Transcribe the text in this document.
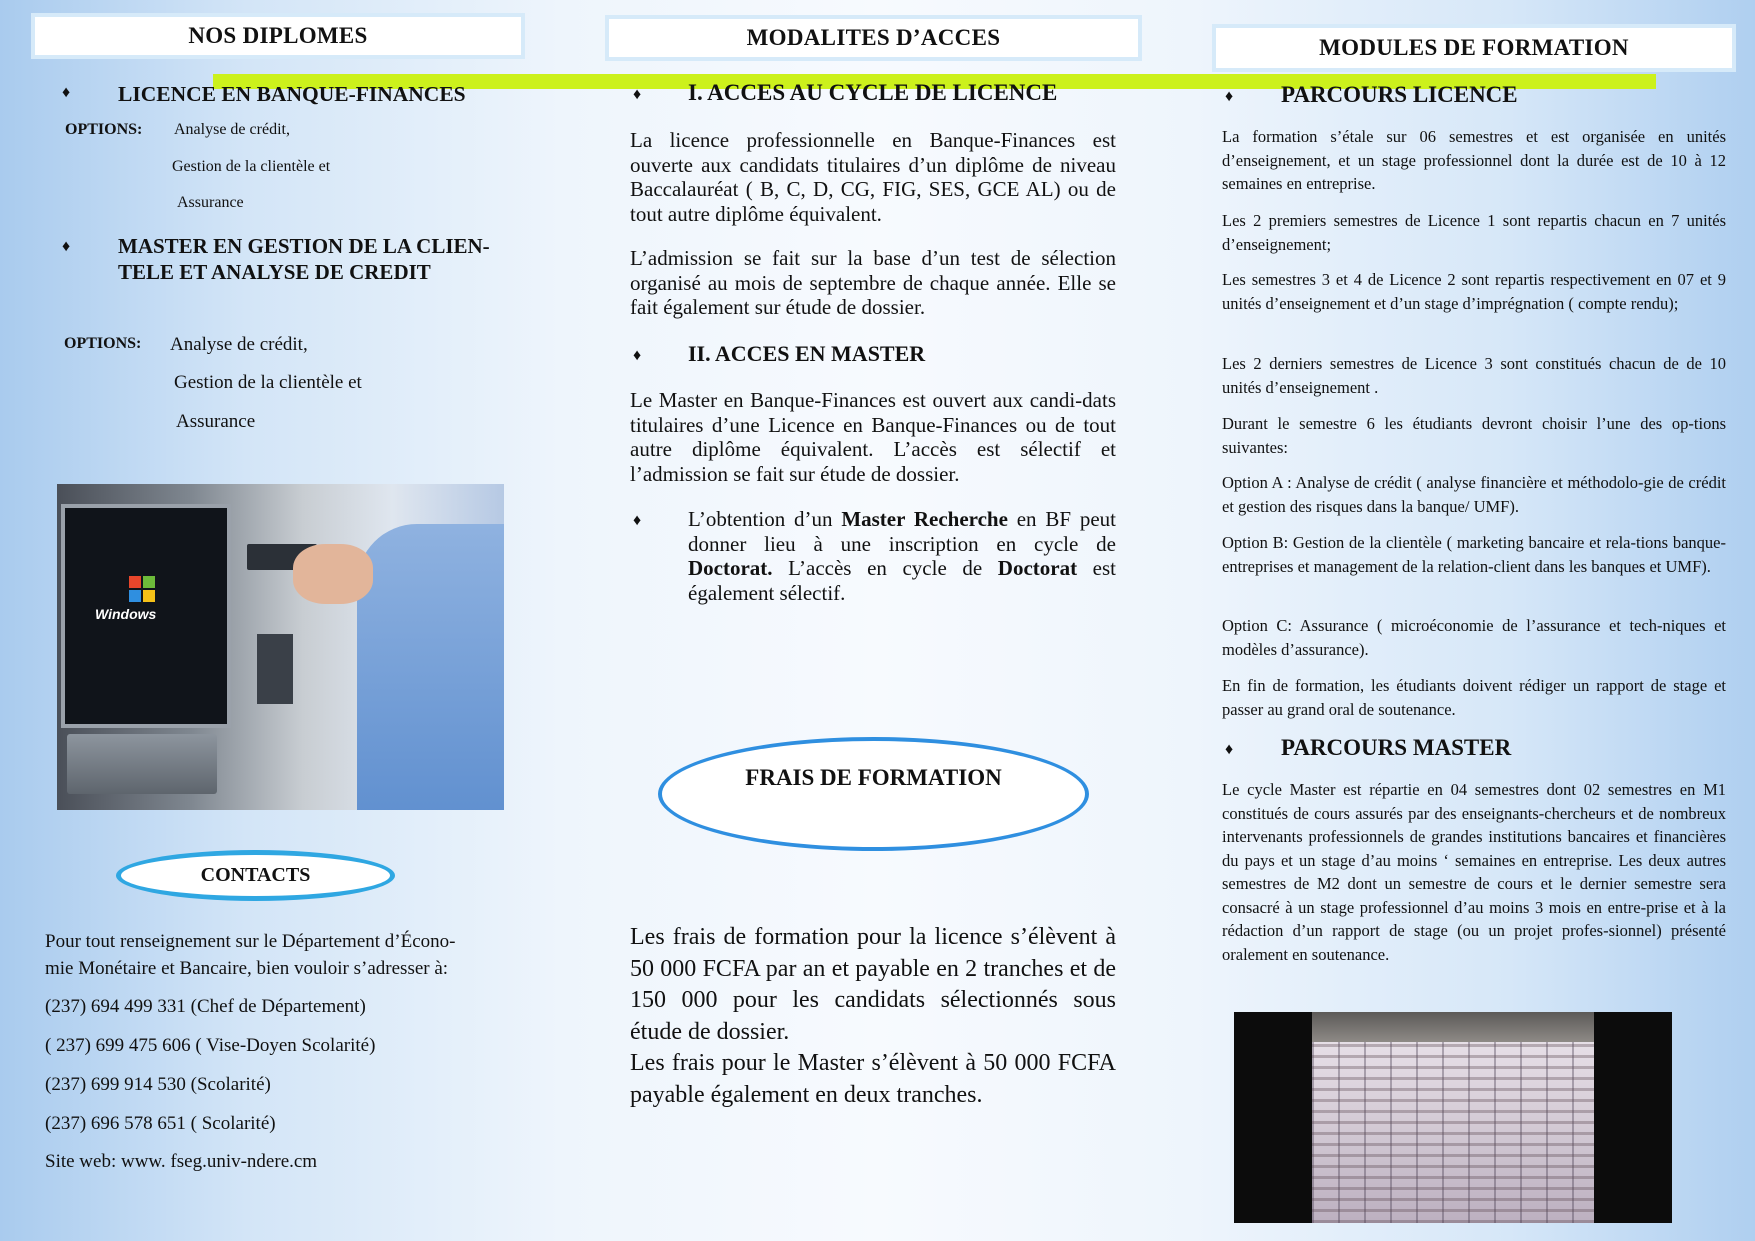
NOS DIPLOMES	MODALITES D’ACCES	MODULES DE FORMATION
♦ LICENCE EN BANQUE-FINANCES
OPTIONS: Analyse de crédit,
Gestion de la clientèle et
Assurance
♦ MASTER EN GESTION DE LA CLIEN-
TELE ET ANALYSE DE CREDIT
OPTIONS: Analyse de crédit,
Gestion de la clientèle et
Assurance
Windows
CONTACTS
Pour tout renseignement sur le Département d’Écono-
mie Monétaire et Bancaire, bien vouloir s’adresser à:
(237) 694 499 331 (Chef de Département)
( 237) 699 475 606 ( Vise-Doyen Scolarité)
(237) 699 914 530 (Scolarité)
(237) 696 578 651 ( Scolarité)
Site web: www. fseg.univ-ndere.cm
♦ I. ACCES AU CYCLE DE LICENCE

La licence professionnelle en Banque-Finances est ouverte aux candidats titulaires d’un diplôme de niveau Baccalauréat ( B, C, D, CG, FIG, SES, GCE AL) ou de tout autre diplôme équivalent.

L’admission se fait sur la base d’un test de sélection organisé au mois de septembre de chaque année. Elle se fait également sur étude de dossier.

♦ II. ACCES EN MASTER

Le Master en Banque-Finances est ouvert aux candi-dats titulaires d’une Licence en Banque-Finances ou de tout autre diplôme équivalent. L’accès est sélectif et l’admission se fait sur étude de dossier.

♦ L’obtention d’un Master Recherche en BF peut donner lieu à une inscription en cycle de Doctorat. L’accès en cycle de Doctorat est également sélectif.

FRAIS DE FORMATION

Les frais de formation pour la licence s’élèvent à 50 000 FCFA par an et payable en 2 tranches et de 150 000 pour les candidats sélectionnés sous étude de dossier.

Les frais pour le Master s’élèvent à 50 000 FCFA payable également en deux tranches.

♦ PARCOURS LICENCE

La formation s’étale sur 06 semestres et est organisée en unités d’enseignement, et un stage professionnel dont la durée est de 10 à 12 semaines en entreprise.

Les 2 premiers semestres de Licence 1 sont repartis chacun en 7 unités d’enseignement;

Les semestres 3 et 4 de Licence 2 sont repartis respectivement en 07 et 9 unités d’enseignement et d’un stage d’imprégnation ( compte rendu);

Les 2 derniers semestres de Licence 3 sont constitués chacun de de 10 unités d’enseignement .

Durant le semestre 6 les étudiants devront choisir l’une des op-tions suivantes:

Option A : Analyse de crédit ( analyse financière et méthodolo-gie de crédit et gestion des risques dans la banque/ UMF).

Option B: Gestion de la clientèle ( marketing bancaire et rela-tions banque-entreprises et management de la relation-client dans les banques et UMF).

Option C: Assurance ( microéconomie de l’assurance et tech-niques et modèles d’assurance).

En fin de formation, les étudiants doivent rédiger un rapport de stage et passer au grand oral de soutenance.

♦ PARCOURS MASTER

Le cycle Master est répartie en 04 semestres dont 02 semestres en M1 constitués de cours assurés par des enseignants-chercheurs et de nombreux intervenants professionnels de grandes institutions bancaires et financières du pays et un stage d’au moins ‘ semaines en entreprise. Les deux autres semestres de M2 dont un semestre de cours et le dernier semestre sera consacré à un stage professionnel d’au moins 3 mois en entre-prise et à la rédaction d’un rapport de stage (ou un projet profes-sionnel) présenté oralement en soutenance.
